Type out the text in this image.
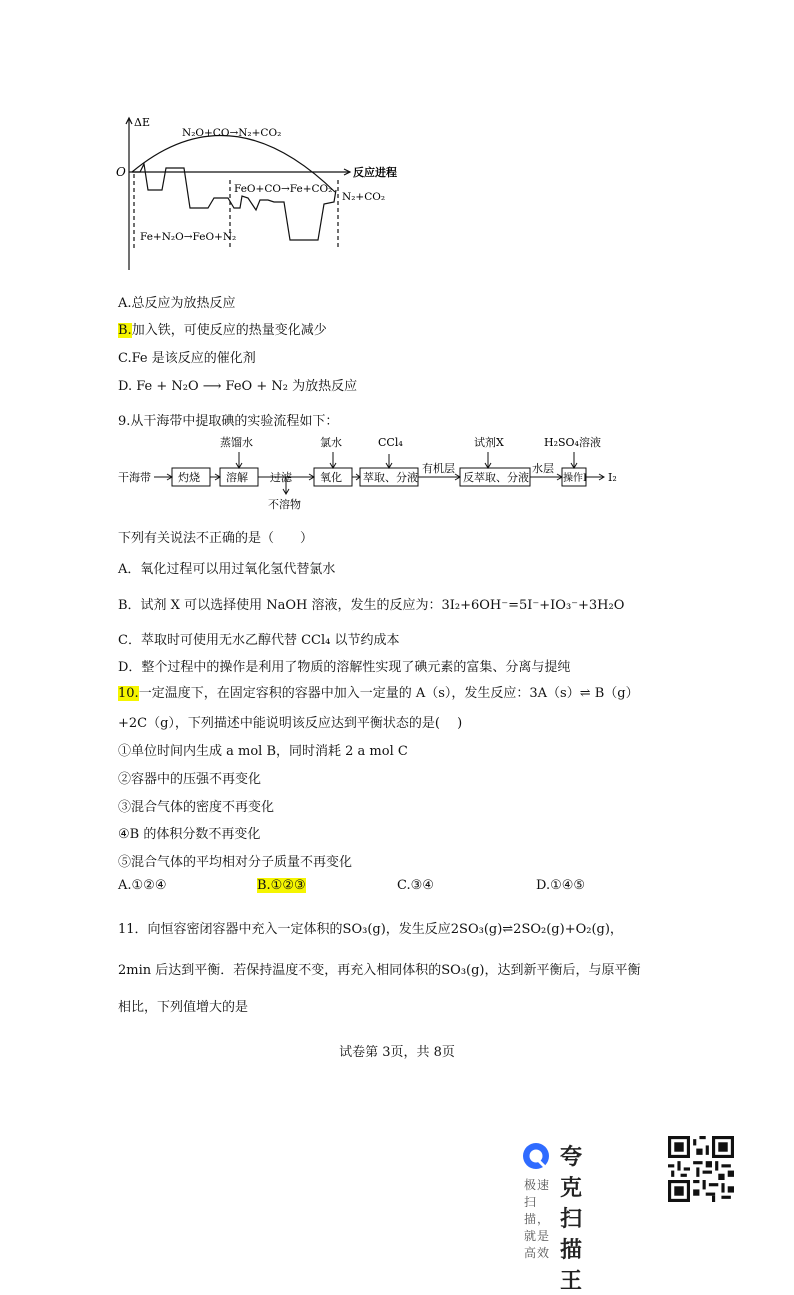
ΔE
O	反应进程
N₂O+CO→N₂+CO₂
FeO+CO→Fe+CO₂
Fe+N₂O→FeO+N₂
N₂+CO₂
A.总反应为放热反应
B.加入铁，可使反应的热量变化减少
C.Fe 是该反应的催化剂
D. Fe + N₂O ⟶ FeO + N₂ 为放热反应
9.从干海带中提取碘的实验流程如下：
干海带 灼烧 溶解 过滤	氧化 萃取、分液	反萃取、分液	操作I I₂
蒸馏水	氯水	CCl₄	试剂X	H₂SO₄溶液
不溶物
有机层	水层
下列有关说法不正确的是（　　）
A．氧化过程可以用过氧化氢代替氯水
B．试剂 X 可以选择使用 NaOH 溶液，发生的反应为：3I₂+6OH⁻=5I⁻+IO₃⁻+3H₂O
C．萃取时可使用无水乙醇代替 CCl₄ 以节约成本
D．整个过程中的操作是利用了物质的溶解性实现了碘元素的富集、分离与提纯
10.一定温度下，在固定容积的容器中加入一定量的 A（s），发生反应：3A（s）⇌ B（g）
+2C（g），下列描述中能说明该反应达到平衡状态的是(　 )
①单位时间内生成 a mol B，同时消耗 2 a mol C
②容器中的压强不再变化
③混合气体的密度不再变化
④B 的体积分数不再变化
⑤混合气体的平均相对分子质量不再变化
A.①②④	B.①②③	C.③④	D.①④⑤
11．向恒容密闭容器中充入一定体积的SO₃(g)，发生反应2SO₃(g)⇌2SO₂(g)+O₂(g)，
2min 后达到平衡．若保持温度不变，再充入相同体积的SO₃(g)，达到新平衡后，与原平衡
相比，下列值增大的是
试卷第 3页，共 8页
夸克扫描王
极速扫描，就是高效
